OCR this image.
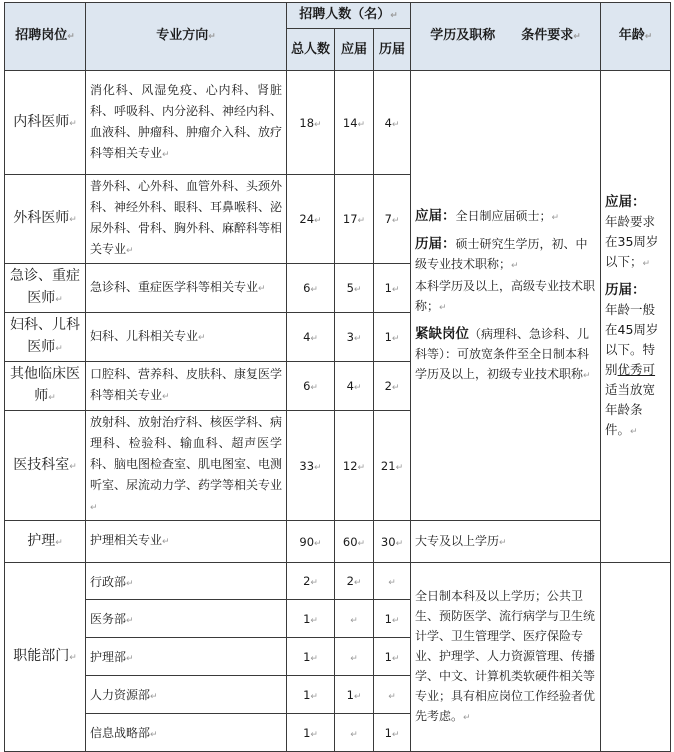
招聘岗位↵	专业方向↵	招聘人数（名）↵			学历及职称　　条件要求↵	年龄↵
		总人数	应届	历届		
内科医师↵	消化科、风湿免疫、心内科、肾脏科、呼吸科、内分泌科、神经内科、血液科、肿瘤科、肿瘤介入科、放疗科等相关专业↵	18↵	14↵	4↵	应届：全日制应届硕士；↵
历届：硕士研究生学历，初、中级专业技术职称；↵
本科学历及以上，高级专业技术职称；↵
紧缺岗位（病理科、急诊科、儿科等）：可放宽条件至全日制本科学历及以上，初级专业技术职称↵	应届：
年龄要求在35周岁以下；↵
历届：
年龄一般在45周岁以下。特别优秀可适当放宽年龄条件。↵
外科医师↵	普外科、心外科、血管外科、头颈外科、神经外科、眼科、耳鼻喉科、泌尿外科、骨科、胸外科、麻醉科等相关专业↵	24↵	17↵	7↵		
急诊、重症医师↵	急诊科、重症医学科等相关专业↵	6↵	5↵	1↵		
妇科、儿科医师↵	妇科、儿科相关专业↵	4↵	3↵	1↵		
其他临床医师↵	口腔科、营养科、皮肤科、康复医学科等相关专业↵	6↵	4↵	2↵		
医技科室↵	放射科、放射治疗科、核医学科、病理科、检验科、输血科、超声医学科、脑电图检查室、肌电图室、电测听室、尿流动力学、药学等相关专业↵	33↵	12↵	21↵		
护理↵	护理相关专业↵	90↵	60↵	30↵	大专及以上学历↵	
职能部门↵	行政部↵	2↵	2↵	↵	全日制本科及以上学历；公共卫生、预防医学、流行病学与卫生统计学、卫生管理学、医疗保险专业、护理学、人力资源管理、传播学、中文、计算机类软硬件相关等专业；具有相应岗位工作经验者优先考虑。↵	
	医务部↵	1↵	↵	1↵		
	护理部↵	1↵	↵	1↵		
	人力资源部↵	1↵	1↵	↵		
	信息战略部↵	1↵	↵	1↵		
